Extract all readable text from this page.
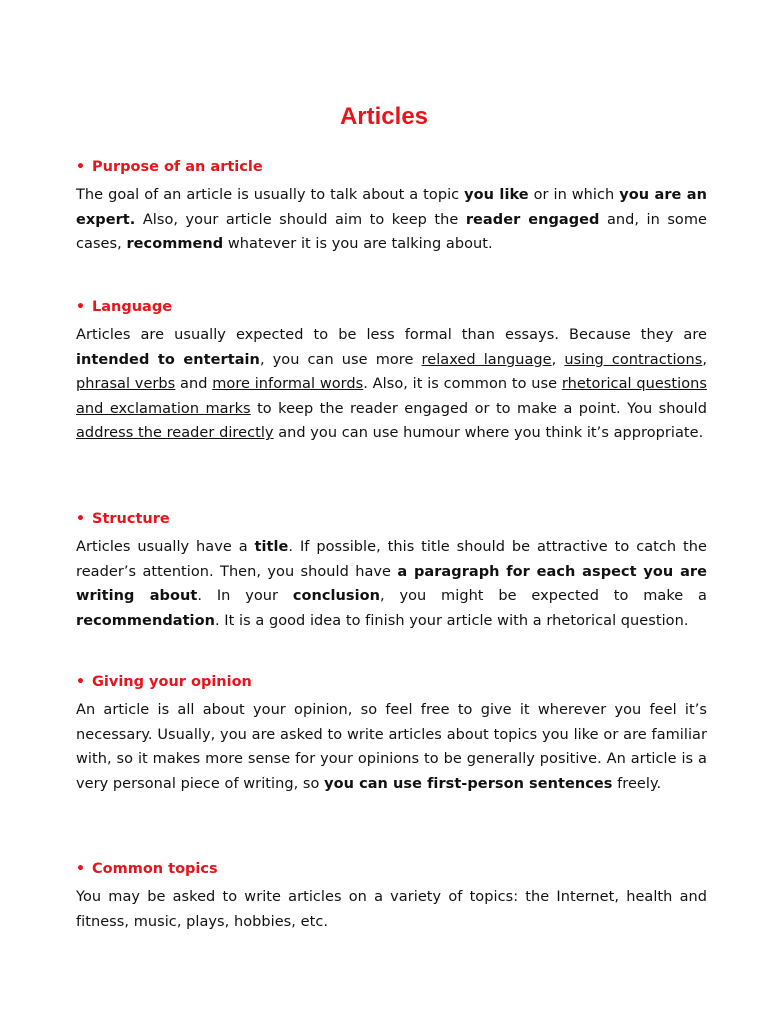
Articles
• Purpose of an article

The goal of an article is usually to talk about a topic you like or in which you are an expert. Also, your article should aim to keep the reader engaged and, in some cases, recommend whatever it is you are talking about.

• Language

Articles are usually expected to be less formal than essays. Because they are intended to entertain, you can use more relaxed language, using contractions, phrasal verbs and more informal words. Also, it is common to use rhetorical questions and exclamation marks to keep the reader engaged or to make a point. You should address the reader directly and you can use humour where you think it’s appropriate.

• Structure

Articles usually have a title. If possible, this title should be attractive to catch the reader’s attention. Then, you should have a paragraph for each aspect you are writing about. In your conclusion, you might be expected to make a recommendation. It is a good idea to finish your article with a rhetorical question.

• Giving your opinion

An article is all about your opinion, so feel free to give it wherever you feel it’s necessary. Usually, you are asked to write articles about topics you like or are familiar with, so it makes more sense for your opinions to be generally positive. An article is a very personal piece of writing, so you can use first-person sentences freely.

• Common topics

You may be asked to write articles on a variety of topics: the Internet, health and fitness, music, plays, hobbies, etc.
